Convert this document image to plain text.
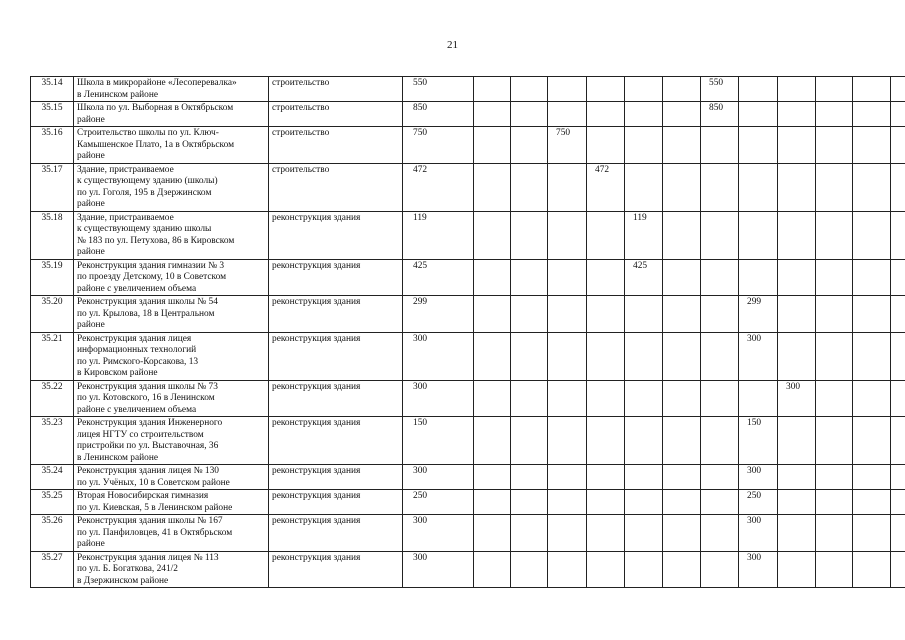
21
35.14	Школа в микрорайоне «Лесоперевалка»
в Ленинском районе	строительство	550							550					
35.15	Школа по ул. Выборная в Октябрьском
районе	строительство	850							850					
35.16	Строительство школы по ул. Ключ-
Камышенское Плато, 1а в Октябрьском
районе	строительство	750			750									
35.17	Здание, пристраиваемое
к существующему зданию (школы)
по ул. Гоголя, 195 в Дзержинском
районе	строительство	472				472								
35.18	Здание, пристраиваемое
к существующему зданию школы
№ 183 по ул. Петухова, 86 в Кировском
районе	реконструкция здания	119					119							
35.19	Реконструкция здания гимназии № 3
по проезду Детскому, 10 в Советском
районе с увеличением объема	реконструкция здания	425					425							
35.20	Реконструкция здания школы № 54
по ул. Крылова, 18 в Центральном
районе	реконструкция здания	299								299				
35.21	Реконструкция здания лицея
информационных технологий
по ул. Римского-Корсакова, 13
в Кировском районе	реконструкция здания	300								300				
35.22	Реконструкция здания школы № 73
по ул. Котовского, 16 в Ленинском
районе с увеличением объема	реконструкция здания	300									300			
35.23	Реконструкция здания Инженерного
лицея НГТУ со строительством
пристройки по ул. Выставочная, 36
в Ленинском районе	реконструкция здания	150								150				
35.24	Реконструкция здания лицея № 130
по ул. Учёных, 10 в Советском районе	реконструкция здания	300								300				
35.25	Вторая Новосибирская гимназия
по ул. Киевская, 5 в Ленинском районе	реконструкция здания	250								250				
35.26	Реконструкция здания школы № 167
по ул. Панфиловцев, 41 в Октябрьском
районе	реконструкция здания	300								300				
35.27	Реконструкция здания лицея № 113
по ул. Б. Богаткова, 241/2
в Дзержинском районе	реконструкция здания	300								300				
